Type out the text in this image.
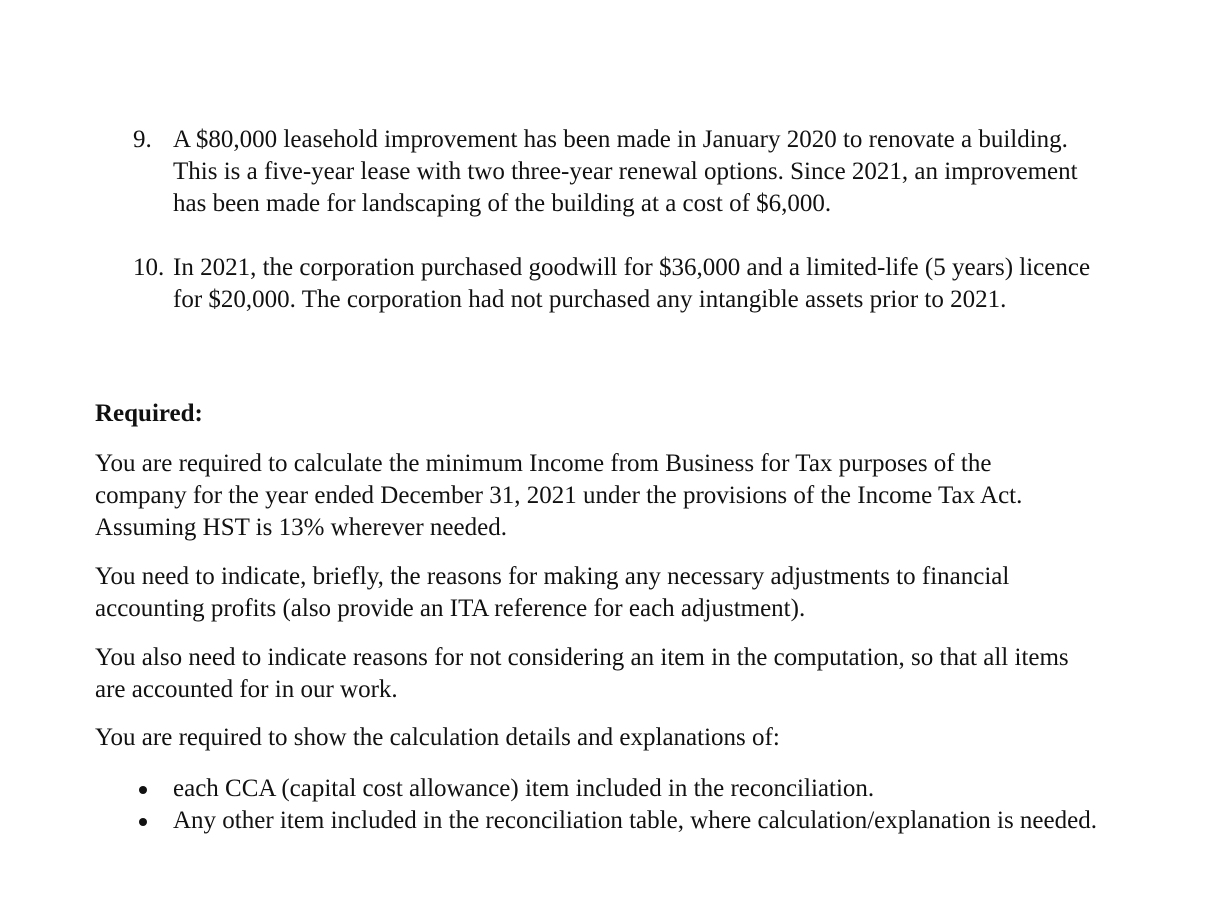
9. A $80,000 leasehold improvement has been made in January 2020 to renovate a building. This is a five-year lease with two three-year renewal options. Since 2021, an improvement has been made for landscaping of the building at a cost of $6,000.
10. In 2021, the corporation purchased goodwill for $36,000 and a limited-life (5 years) licence for $20,000. The corporation had not purchased any intangible assets prior to 2021.
Required:
You are required to calculate the minimum Income from Business for Tax purposes of the company for the year ended December 31, 2021 under the provisions of the Income Tax Act. Assuming HST is 13% wherever needed.
You need to indicate, briefly, the reasons for making any necessary adjustments to financial accounting profits (also provide an ITA reference for each adjustment).
You also need to indicate reasons for not considering an item in the computation, so that all items are accounted for in our work.
You are required to show the calculation details and explanations of:
each CCA (capital cost allowance) item included in the reconciliation.
Any other item included in the reconciliation table, where calculation/explanation is needed.
